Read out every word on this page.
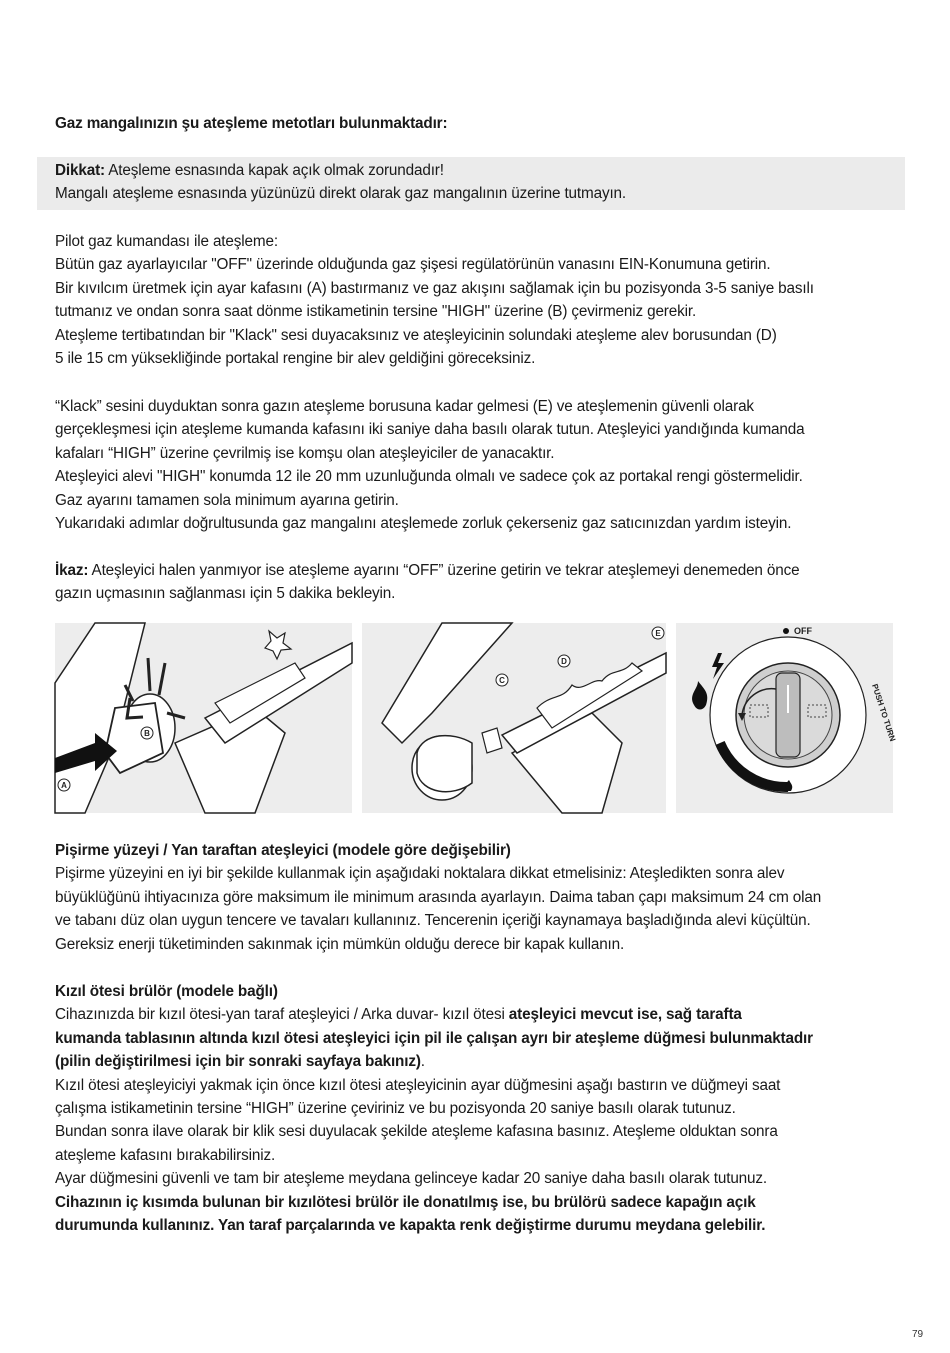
Gaz mangalınızın şu ateşleme metotları bulunmaktadır:

Dikkat: Ateşleme esnasında kapak açık olmak zorundadır!

Mangalı ateşleme esnasında yüzünüzü direkt olarak gaz mangalının üzerine tutmayın.

Pilot gaz kumandası ile ateşleme:

Bütün gaz ayarlayıcılar "OFF" üzerinde olduğunda gaz şişesi regülatörünün vanasını EIN-Konumuna getirin.

Bir kıvılcım üretmek için ayar kafasını (A) bastırmanız ve gaz akışını sağlamak için bu pozisyonda 3-5 saniye basılı

tutmanız ve ondan sonra saat dönme istikametinin tersine "HIGH" üzerine (B) çevirmeniz gerekir.

Ateşleme tertibatından bir "Klack" sesi duyacaksınız ve ateşleyicinin solundaki ateşleme alev borusundan (D)

5 ile 15 cm yüksekliğinde portakal rengine bir alev geldiğini göreceksiniz.

“Klack” sesini duyduktan sonra gazın ateşleme borusuna kadar gelmesi (E) ve ateşlemenin güvenli olarak

gerçekleşmesi için ateşleme kumanda kafasını iki saniye daha basılı olarak tutun. Ateşleyici yandığında kumanda

kafaları “HIGH” üzerine çevrilmiş ise komşu olan ateşleyiciler de yanacaktır.

Ateşleyici alevi "HIGH" konumda 12 ile 20 mm uzunluğunda olmalı ve sadece çok az portakal rengi göstermelidir.

Gaz ayarını tamamen sola minimum ayarına getirin.

Yukarıdaki adımlar doğrultusunda gaz mangalını ateşlemede zorluk çekerseniz gaz satıcınızdan yardım isteyin.

İkaz: Ateşleyici halen yanmıyor ise ateşleme ayarını “OFF” üzerine getirin ve tekrar ateşlemeyi denemeden önce

gazın uçmasının sağlanması için 5 dakika bekleyin.

B
A
C
D
E	OFF
PUSH TO TURN

Pişirme yüzeyi / Yan taraftan ateşleyici (modele göre değişebilir)

Pişirme yüzeyini en iyi bir şekilde kullanmak için aşağıdaki noktalara dikkat etmelisiniz: Ateşledikten sonra alev

büyüklüğünü ihtiyacınıza göre maksimum ile minimum arasında ayarlayın. Daima taban çapı maksimum 24 cm olan

ve tabanı düz olan uygun tencere ve tavaları kullanınız. Tencerenin içeriği kaynamaya başladığında alevi küçültün.

Gereksiz enerji tüketiminden sakınmak için mümkün olduğu derece bir kapak kullanın.

Kızıl ötesi brülör (modele bağlı)

Cihazınızda bir kızıl ötesi-yan taraf ateşleyici / Arka duvar- kızıl ötesi ateşleyici mevcut ise, sağ tarafta

kumanda tablasının altında kızıl ötesi ateşleyici için pil ile çalışan ayrı bir ateşleme düğmesi bulunmaktadır

(pilin değiştirilmesi için bir sonraki sayfaya bakınız).

Kızıl ötesi ateşleyiciyi yakmak için önce kızıl ötesi ateşleyicinin ayar düğmesini aşağı bastırın ve düğmeyi saat

çalışma istikametinin tersine “HIGH” üzerine çeviriniz ve bu pozisyonda 20 saniye basılı olarak tutunuz.

Bundan sonra ilave olarak bir klik sesi duyulacak şekilde ateşleme kafasına basınız. Ateşleme olduktan sonra

ateşleme kafasını bırakabilirsiniz.

Ayar düğmesini güvenli ve tam bir ateşleme meydana gelinceye kadar 20 saniye daha basılı olarak tutunuz.

Cihazının iç kısımda bulunan bir kızılötesi brülör ile donatılmış ise, bu brülörü sadece kapağın açık

durumunda kullanınız. Yan taraf parçalarında ve kapakta renk değiştirme durumu meydana gelebilir.

79
